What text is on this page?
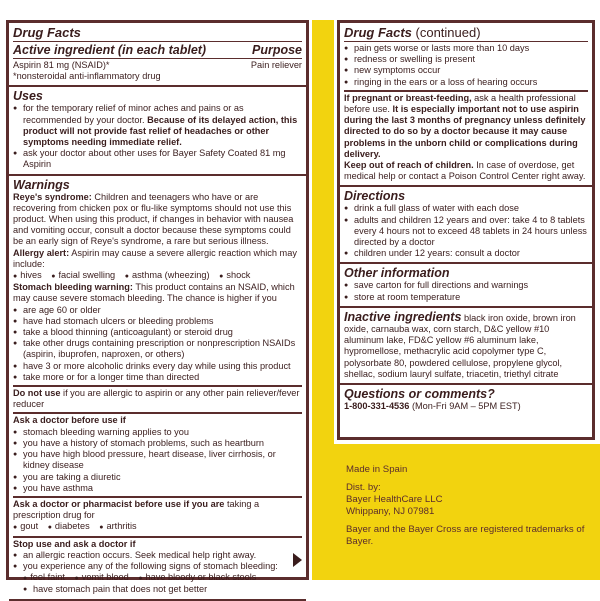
Drug Facts
Active ingredient (in each tablet)	Purpose
Aspirin 81 mg (NSAID)*	Pain reliever
*nonsteroidal anti-inflammatory drug
Uses
● for the temporary relief of minor aches and pains or as recommended by your doctor. Because of its delayed action, this product will not provide fast relief of headaches or other symptoms needing immediate relief.
● ask your doctor about other uses for Bayer Safety Coated 81 mg Aspirin
Warnings
Reye's syndrome: Children and teenagers who have or are recovering from chicken pox or flu-like symptoms should not use this product. When using this product, if changes in behavior with nausea and vomiting occur, consult a doctor because these symptoms could be an early sign of Reye's syndrome, a rare but serious illness.
Allergy alert: Aspirin may cause a severe allergic reaction which may include:
● hives ● facial swelling ● asthma (wheezing) ● shock
Stomach bleeding warning: This product contains an NSAID, which may cause severe stomach bleeding. The chance is higher if you
● are age 60 or older
● have had stomach ulcers or bleeding problems
● take a blood thinning (anticoagulant) or steroid drug
● take other drugs containing prescription or nonprescription NSAIDs (aspirin, ibuprofen, naproxen, or others)
● have 3 or more alcoholic drinks every day while using this product
● take more or for a longer time than directed
Do not use if you are allergic to aspirin or any other pain reliever/fever reducer
Ask a doctor before use if
● stomach bleeding warning applies to you
● you have a history of stomach problems, such as heartburn
● you have high blood pressure, heart disease, liver cirrhosis, or kidney disease
● you are taking a diuretic
● you have asthma
Ask a doctor or pharmacist before use if you are taking a prescription drug for
● gout ● diabetes ● arthritis
Stop use and ask a doctor if
● an allergic reaction occurs. Seek medical help right away.
● you experience any of the following signs of stomach bleeding:
● feel faint ● vomit blood ● have bloody or black stools
● have stomach pain that does not get better
Drug Facts (continued)
● pain gets worse or lasts more than 10 days
● redness or swelling is present
● new symptoms occur
● ringing in the ears or a loss of hearing occurs
If pregnant or breast-feeding, ask a health professional before use. It is especially important not to use aspirin during the last 3 months of pregnancy unless definitely directed to do so by a doctor because it may cause problems in the unborn child or complications during delivery.
Keep out of reach of children. In case of overdose, get medical help or contact a Poison Control Center right away.
Directions
● drink a full glass of water with each dose
● adults and children 12 years and over: take 4 to 8 tablets every 4 hours not to exceed 48 tablets in 24 hours unless directed by a doctor
● children under 12 years: consult a doctor
Other information
● save carton for full directions and warnings
● store at room temperature
Inactive ingredients black iron oxide, brown iron oxide, carnauba wax, corn starch, D&C yellow #10 aluminum lake, FD&C yellow #6 aluminum lake, hypromellose, methacrylic acid copolymer type C, polysorbate 80, powdered cellulose, propylene glycol, shellac, sodium lauryl sulfate, triacetin, triethyl citrate
Questions or comments?
1-800-331-4536 (Mon-Fri 9AM – 5PM EST)
Made in Spain
Dist. by:
Bayer HealthCare LLC
Whippany, NJ 07981
Bayer and the Bayer Cross are registered trademarks of Bayer.
